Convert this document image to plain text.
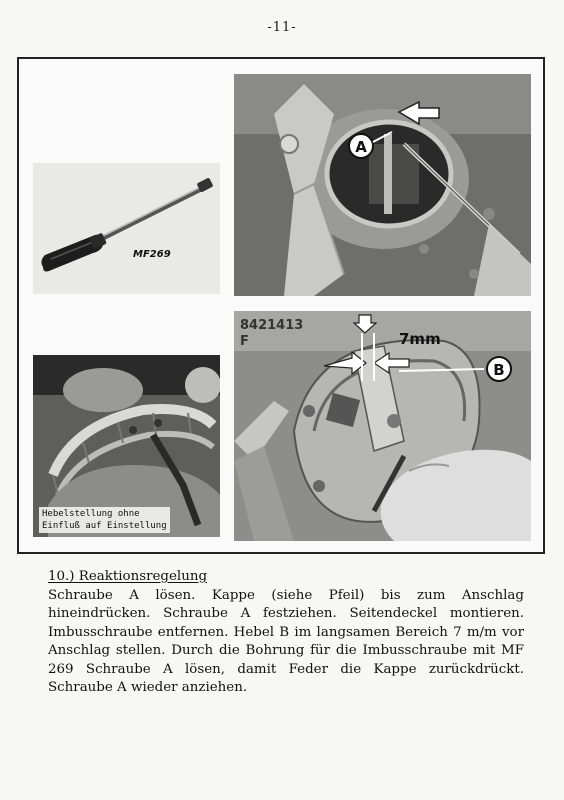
-11-
MF269
A
Hebelstellung ohne
Einfluß auf Einstellung
8421413
F	7mm
B
10.) Reaktionsregelung
Schraube A lösen. Kappe (siehe Pfeil) bis zum Anschlag hineindrücken. Schraube A festziehen. Seitendeckel montieren. Imbusschraube entfernen. Hebel B im langsamen Bereich 7 m/m vor Anschlag stellen. Durch die Bohrung für die Imbusschraube mit MF 269 Schraube A lösen, damit Feder die Kappe zurückdrückt. Schraube A wieder anziehen.
